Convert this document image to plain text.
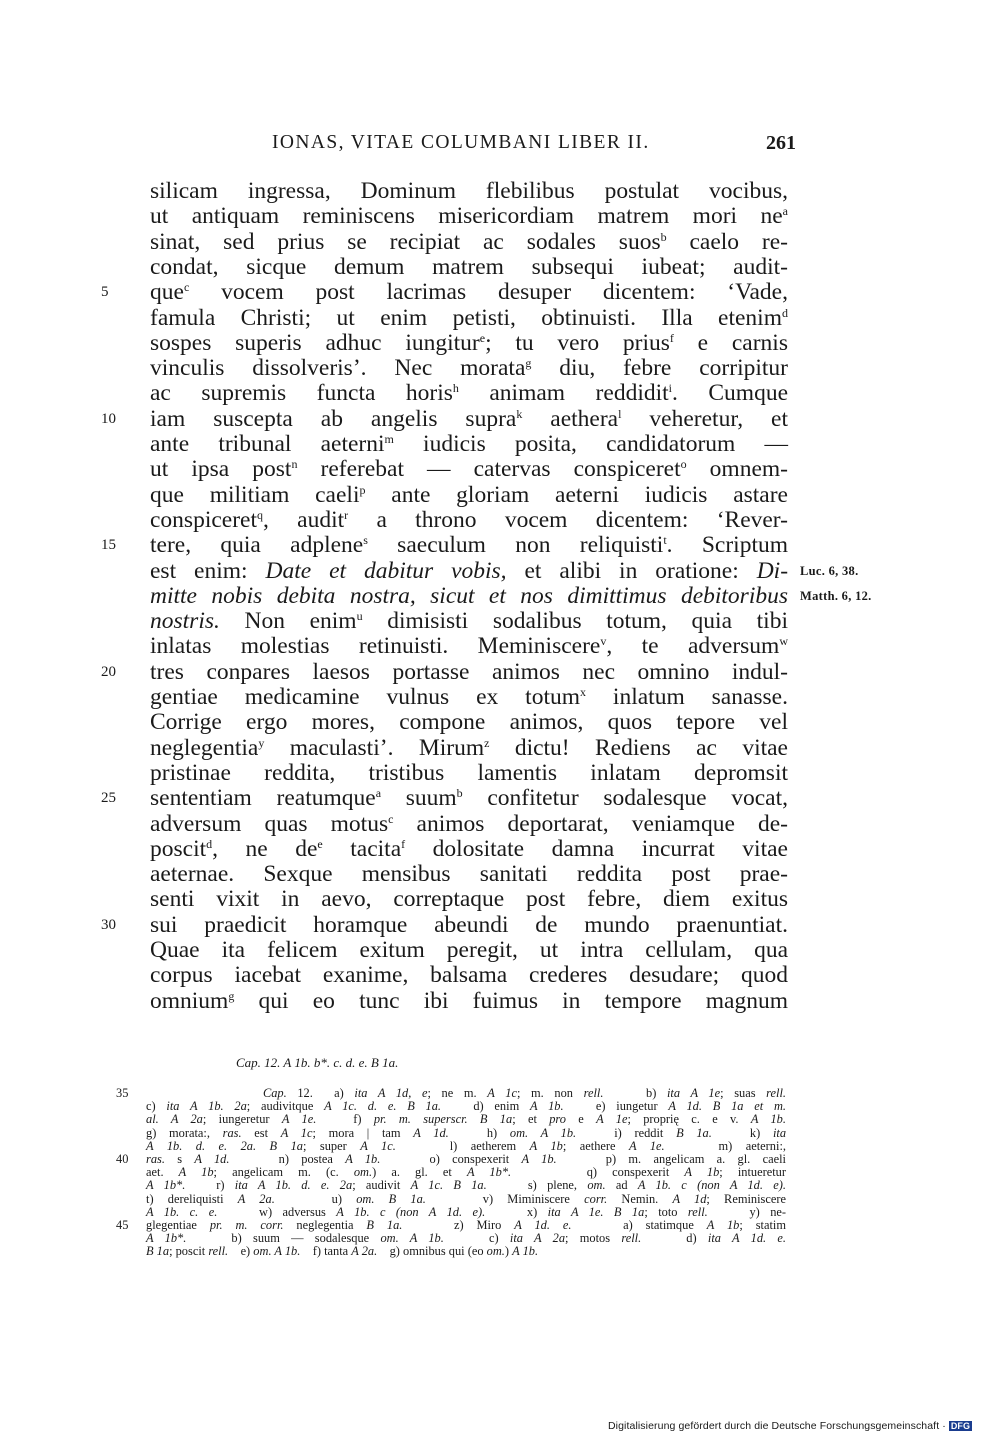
IONAS, VITAE COLUMBANI LIBER II.	261
silicam ingressa, Dominum flebilibus postulat vocibus,
ut antiquam reminiscens misericordiam matrem mori $ne^a$
sinat, sed prius se recipiat ac sodales suos$^b$ caelo re-
condat, sicque demum matrem subsequi iubeat; audit-
5	que$^c$ vocem post lacrimas desuper dicentem: ‘Vade,
famula Christi; ut enim petisti, obtinuisti. Illa etenim$^d$
sospes superis adhuc iungitur$^e$; tu vero prius$^f$ e carnis
vinculis dissolveris’. Nec morata$^g$ diu, febre corripitur
ac supremis functa horis$^h$ animam reddidit$^i$. Cumque
10	iam suscepta ab angelis supra$^k$ aethera$^l$ veheretur, et
ante tribunal aeterni$^m$ iudicis posita, candidatorum —
ut ipsa post$^n$ referebat — catervas conspiceret$^o$ omnem-
que militiam caeli$^p$ ante gloriam aeterni iudicis astare
conspiceret$^q$, audit$^r$ a throno vocem dicentem: ‘Rever-
15	tere, quia adplene$^s$ saeculum non reliquisti$^t$. Scriptum
est enim: Date et dabitur vobis, et alibi in oratione: Di- Luc. 6, 38.
mitte nobis debita nostra, sicut et nos dimittimus debitoribus Matth. 6, 12.
nostris. Non enim$^u$ dimisisti sodalibus totum, quia tibi
inlatas molestias retinuisti. Meminiscere$^v$, te adversum$^w$
20	tres conpares laesos portasse animos nec omnino indul-
gentiae medicamine vulnus ex totum$^x$ inlatum sanasse.
Corrige ergo mores, compone animos, quos tepore vel
neglegentia$^y$ maculasti’. Mirum$^z$ dictu! Rediens ac vitae
pristinae reddita, tristibus lamentis inlatam depromsit
25	sententiam reatumque$^a$ suum$^b$ confitetur sodalesque vocat,
adversum quas motus$^c$ animos deportarat, veniamque de-
poscit$^d$, ne $de^e$ tacita$^f$ dolositate damna incurrat vitae
aeternae. Sexque mensibus sanitati reddita post prae-
senti vixit in aevo, correptaque post febre, diem exitus
30	sui praedicit horamque abeundi de mundo praenuntiat.
Quae ita felicem exitum peregit, ut intra cellulam, qua
corpus iacebat exanime, balsama crederes desudare; quod
omnium$^g$ qui eo tunc ibi fuimus in tempore magnum
Cap. 12. A 1b. b*. c. d. e. B 1a.
35	Cap. 12.  a) ita A 1d, e; ne m. A 1c; m. non rell.    b) ita A 1e; suas rell.
c) ita A 1b. 2a; audivitque A 1c. d. e. B 1a.   d) enim A 1b.   e) iungetur A 1d. B 1a et m.
al. A 2a; iungeretur A 1e.   f) pr. m. superscr. B 1a; et pro e A 1e; proprię c. e v. A 1b.
g) morata:, ras. est A 1c; mora | tam A 1d.   h) om. A 1b.   i) reddit B 1a.   k) ita
A 1b. d. e. 2a. B 1a; super A 1c.    l) aetherem A 1b; aethere A 1e.    m) aeterni:,
40	ras. s A 1d.    n) postea A 1b.    o) conspexerit A 1b.    p) m. angelicam a. gl. caeli
aet. A 1b; angelicam m. (c. om.) a. gl. et A 1b*.     q) conspexerit A 1b; intueretur
A 1b*.   r) ita A 1b. d. e. 2a; audivit A 1c. B 1a.    s) plene, om. ad A 1b. c (non A 1d. e).
t) dereliquisti A 2a.    u) om. B 1a.    v) Miminiscere corr. Nemin. A 1d; Reminiscere
A 1b. c. e.    w) adversus A 1b. c (non A 1d. e).    x) ita A 1e. B 1a; toto rell.    y) ne-
45	glegentiae pr. m. corr. neglegentia B 1a.    z) Miro A 1d. e.    a) statimque A 1b; statim
A 1b*.    b) suum — sodalesque om. A 1b.    c) ita A 2a; motos rell.    d) ita A 1d. e.
B 1a; poscit rell.    e) om. A 1b.    f) tanta A 2a.    g) omnibus qui (eo om.) A 1b.
Digitalisierung gefördert durch die Deutsche Forschungsgemeinschaft · DFG
